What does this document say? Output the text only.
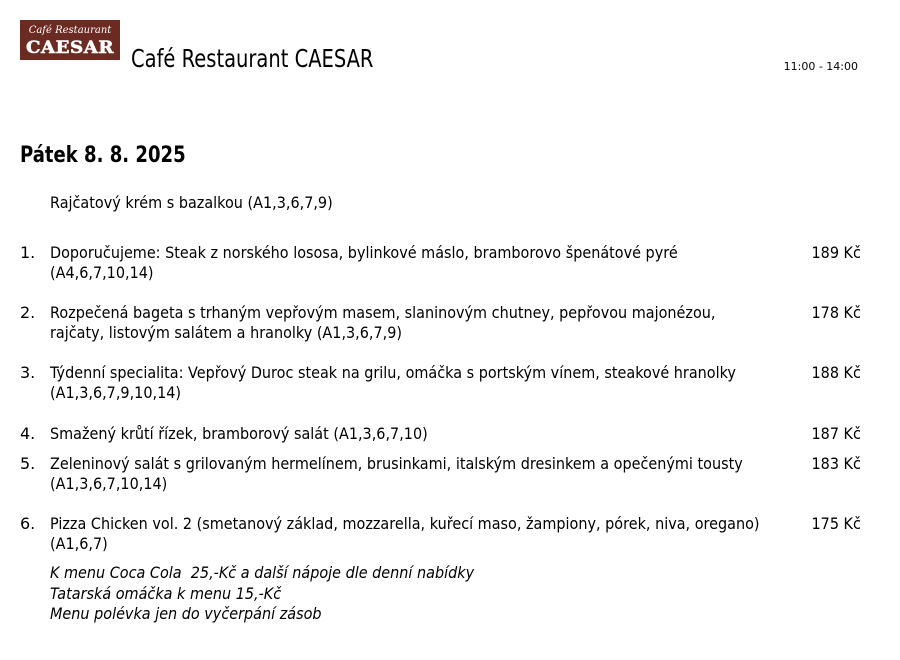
Café Restaurant
CAESAR Café Restaurant CAESAR	11:00 - 14:00
Pátek 8. 8. 2025
Rajčatový krém s bazalkou (A1,3,6,7,9)
1. Doporučujeme: Steak z norského lososa, bylinkové máslo, bramborovo špenátové pyré (A4,6,7,10,14)
189 Kč
2. Rozpečená bageta s trhaným vepřovým masem, slaninovým chutney, pepřovou majonézou, rajčaty, listovým salátem a hranolky (A1,3,6,7,9)
178 Kč
3. Týdenní specialita: Vepřový Duroc steak na grilu, omáčka s portským vínem, steakové hranolky (A1,3,6,7,9,10,14)
188 Kč
4. Smažený krůtí řízek, bramborový salát (A1,3,6,7,10)	187 Kč
5. Zeleninový salát s grilovaným hermelínem, brusinkami, italským dresinkem a opečenými tousty (A1,3,6,7,10,14)
183 Kč
6. Pizza Chicken vol. 2 (smetanový základ, mozzarella, kuřecí maso, žampiony, pórek, niva, oregano) (A1,6,7)
175 Kč
K menu Coca Cola  25,-Kč a další nápoje dle denní nabídky
Tatarská omáčka k menu 15,-Kč
Menu polévka jen do vyčerpání zásob
